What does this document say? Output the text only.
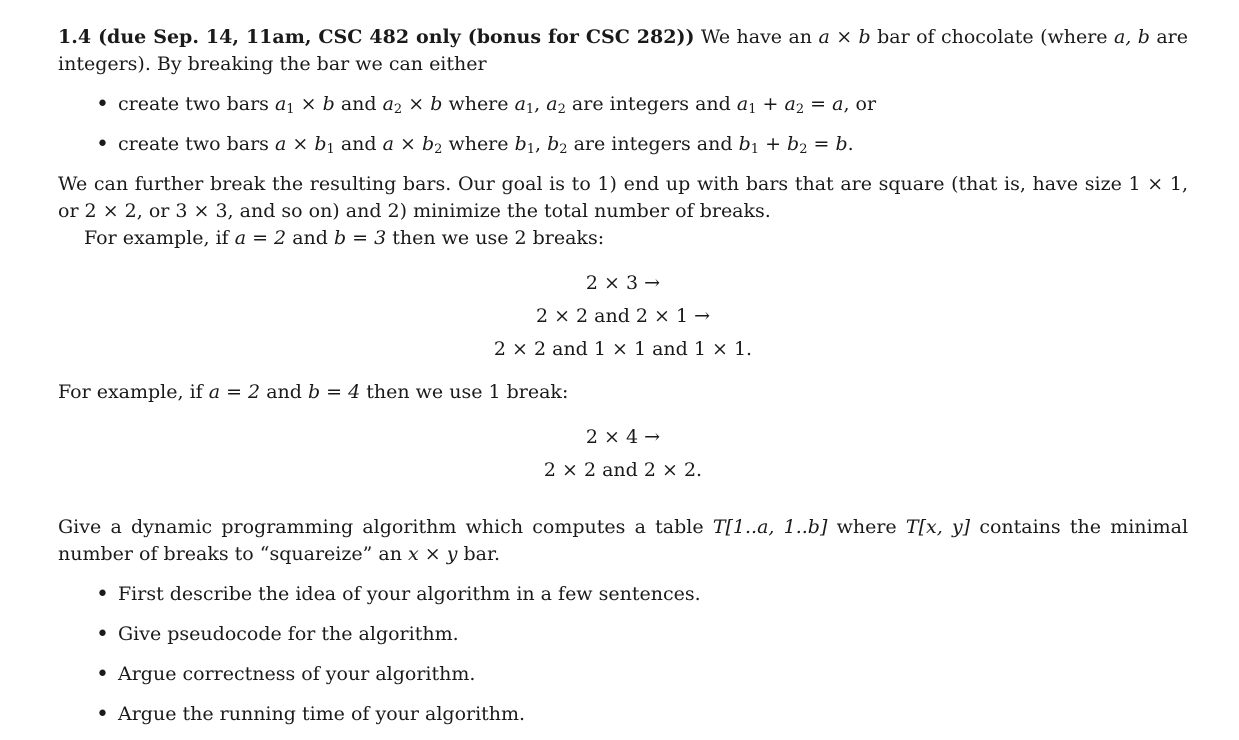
1.4 (due Sep. 14, 11am, CSC 482 only (bonus for CSC 282)) We have an a × b bar of chocolate (where a, b are integers). By breaking the bar we can either

• create two bars $a_1 \times b$ and $a_2 \times b$ where $a_1$, $a_2$ are integers and $a_1 + a_2 = a$, or
• create two bars $a \times b_1$ and $a \times b_2$ where $b_1$, $b_2$ are integers and $b_1 + b_2 = b$.

We can further break the resulting bars. Our goal is to 1) end up with bars that are square (that is, have size 1 × 1, or 2 × 2, or 3 × 3, and so on) and 2) minimize the total number of breaks.

For example, if a = 2 and b = 3 then we use 2 breaks:

2 × 3 →
2 × 2 and 2 × 1 →
2 × 2 and 1 × 1 and 1 × 1.

For example, if a = 2 and b = 4 then we use 1 break:

2 × 4 →
2 × 2 and 2 × 2.

Give a dynamic programming algorithm which computes a table T[1..a, 1..b] where T[x, y] contains the minimal number of breaks to “squareize” an x × y bar.

• First describe the idea of your algorithm in a few sentences.
• Give pseudocode for the algorithm.
• Argue correctness of your algorithm.
• Argue the running time of your algorithm.
